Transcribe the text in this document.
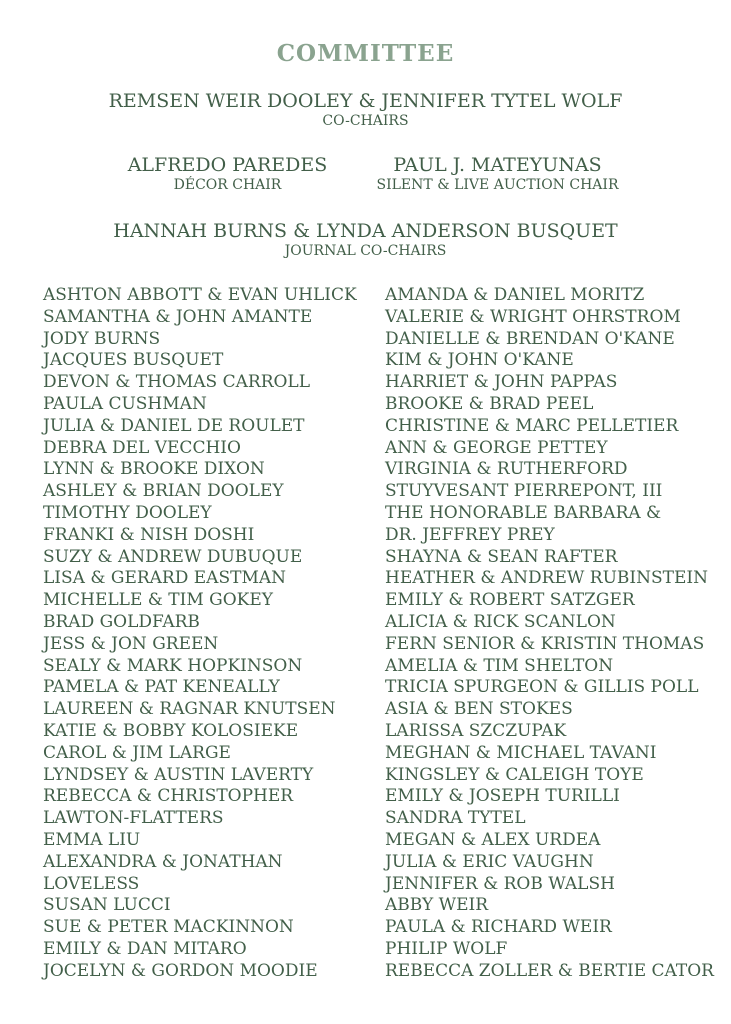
COMMITTEE
REMSEN WEIR DOOLEY & JENNIFER TYTEL WOLF
CO-CHAIRS
ALFREDO PAREDES
DÉCOR CHAIR
PAUL J. MATEYUNAS
SILENT & LIVE AUCTION CHAIR
HANNAH BURNS & LYNDA ANDERSON BUSQUET
JOURNAL CO-CHAIRS
ASHTON ABBOTT & EVAN UHLICK
SAMANTHA & JOHN AMANTE
JODY BURNS
JACQUES BUSQUET
DEVON & THOMAS CARROLL
PAULA CUSHMAN
JULIA & DANIEL DE ROULET
DEBRA DEL VECCHIO
LYNN & BROOKE DIXON
ASHLEY & BRIAN DOOLEY
TIMOTHY DOOLEY
FRANKI & NISH DOSHI
SUZY & ANDREW DUBUQUE
LISA & GERARD EASTMAN
MICHELLE & TIM GOKEY
BRAD GOLDFARB
JESS & JON GREEN
SEALY & MARK HOPKINSON
PAMELA & PAT KENEALLY
LAUREEN & RAGNAR KNUTSEN
KATIE & BOBBY KOLOSIEKE
CAROL & JIM LARGE
LYNDSEY & AUSTIN LAVERTY
REBECCA & CHRISTOPHER
LAWTON-FLATTERS
EMMA LIU
ALEXANDRA & JONATHAN
LOVELESS
SUSAN LUCCI
SUE & PETER MACKINNON
EMILY & DAN MITARO
JOCELYN & GORDON MOODIE
AMANDA & DANIEL MORITZ
VALERIE & WRIGHT OHRSTROM
DANIELLE & BRENDAN O'KANE
KIM & JOHN O'KANE
HARRIET & JOHN PAPPAS
BROOKE & BRAD PEEL
CHRISTINE & MARC PELLETIER
ANN & GEORGE PETTEY
VIRGINIA & RUTHERFORD
STUYVESANT PIERREPONT, III
THE HONORABLE BARBARA &
DR. JEFFREY PREY
SHAYNA & SEAN RAFTER
HEATHER & ANDREW RUBINSTEIN
EMILY & ROBERT SATZGER
ALICIA & RICK SCANLON
FERN SENIOR & KRISTIN THOMAS
AMELIA & TIM SHELTON
TRICIA SPURGEON & GILLIS POLL
ASIA & BEN STOKES
LARISSA SZCZUPAK
MEGHAN & MICHAEL TAVANI
KINGSLEY & CALEIGH TOYE
EMILY & JOSEPH TURILLI
SANDRA TYTEL
MEGAN & ALEX URDEA
JULIA & ERIC VAUGHN
JENNIFER & ROB WALSH
ABBY WEIR
PAULA & RICHARD WEIR
PHILIP WOLF
REBECCA ZOLLER & BERTIE CATOR
